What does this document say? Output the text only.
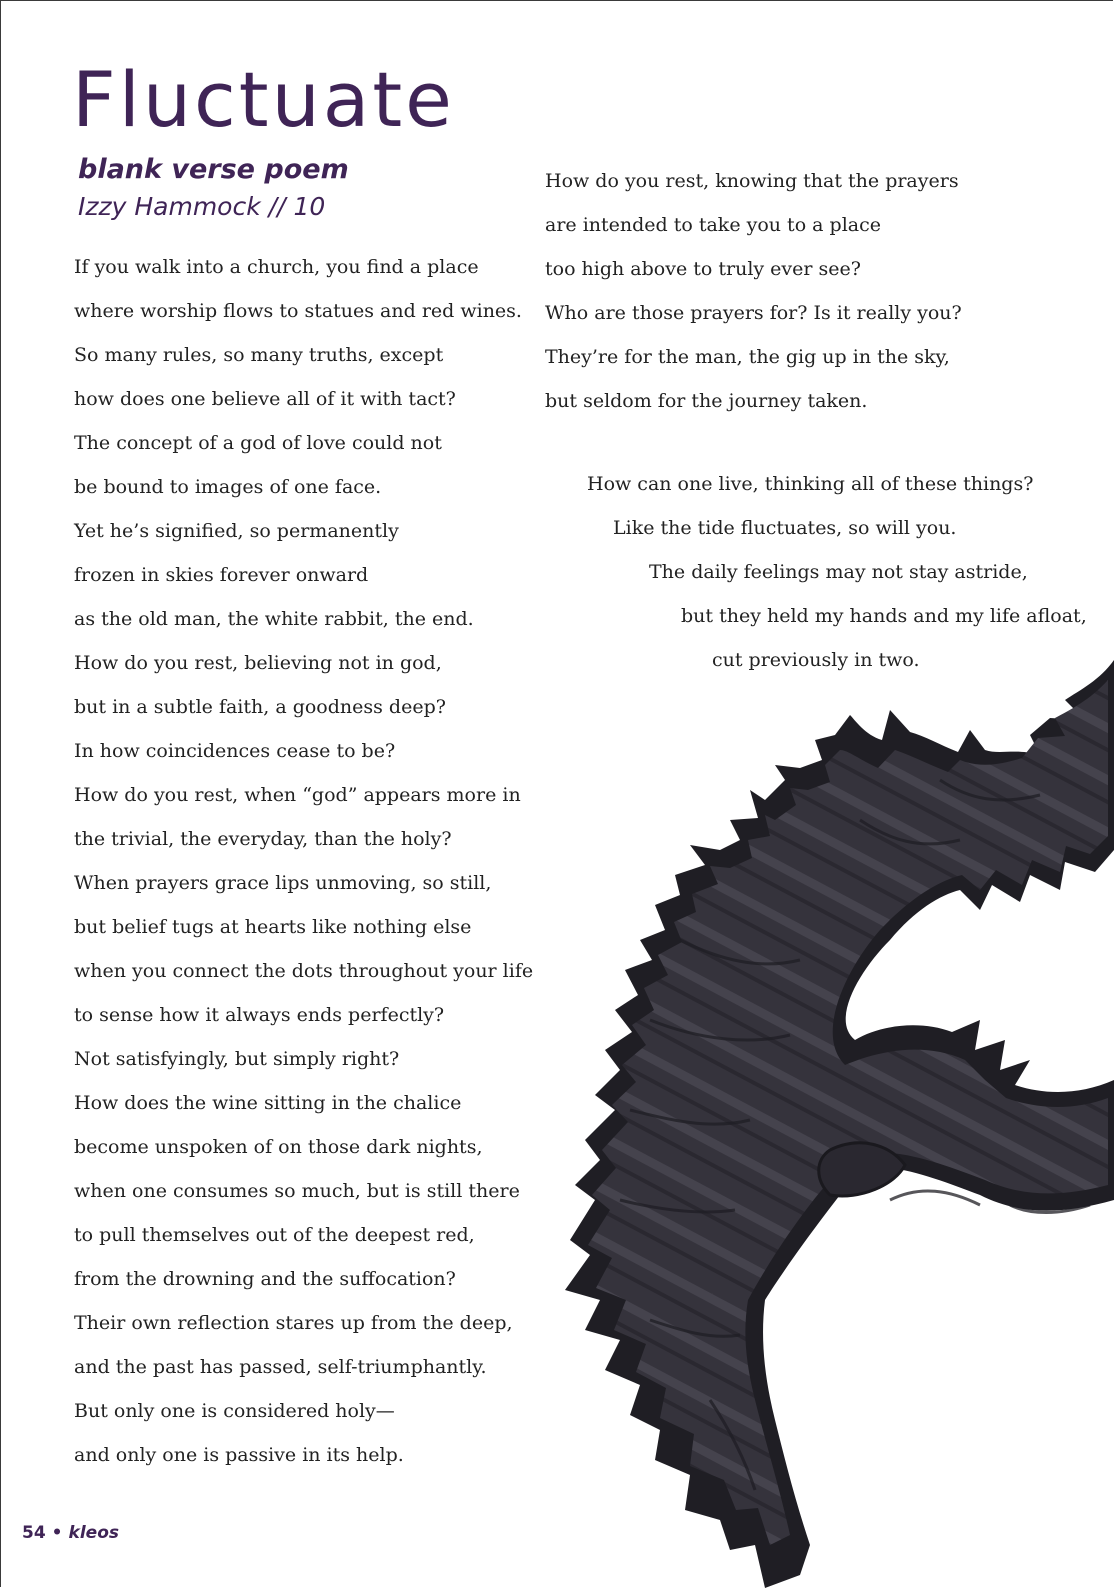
Fluctuate
blank verse poem
Izzy Hammock // 10
If you walk into a church, you find a place
where worship flows to statues and red wines.
So many rules, so many truths, except
how does one believe all of it with tact?
The concept of a god of love could not
be bound to images of one face.
Yet he’s signified, so permanently
frozen in skies forever onward
as the old man, the white rabbit, the end.
How do you rest, believing not in god,
but in a subtle faith, a goodness deep?
In how coincidences cease to be?
How do you rest, when “god” appears more in
the trivial, the everyday, than the holy?
When prayers grace lips unmoving, so still,
but belief tugs at hearts like nothing else
when you connect the dots throughout your life
to sense how it always ends perfectly?
Not satisfyingly, but simply right?
How does the wine sitting in the chalice
become unspoken of on those dark nights,
when one consumes so much, but is still there
to pull themselves out of the deepest red,
from the drowning and the suffocation?
Their own reflection stares up from the deep,
and the past has passed, self-triumphantly.
But only one is considered holy—
and only one is passive in its help.
How do you rest, knowing that the prayers
are intended to take you to a place
too high above to truly ever see?
Who are those prayers for? Is it really you?
They’re for the man, the gig up in the sky,
but seldom for the journey taken.
How can one live, thinking all of these things?
Like the tide fluctuates, so will you.
The daily feelings may not stay astride,
but they held my hands and my life afloat,
cut previously in two.
54 • kleos
